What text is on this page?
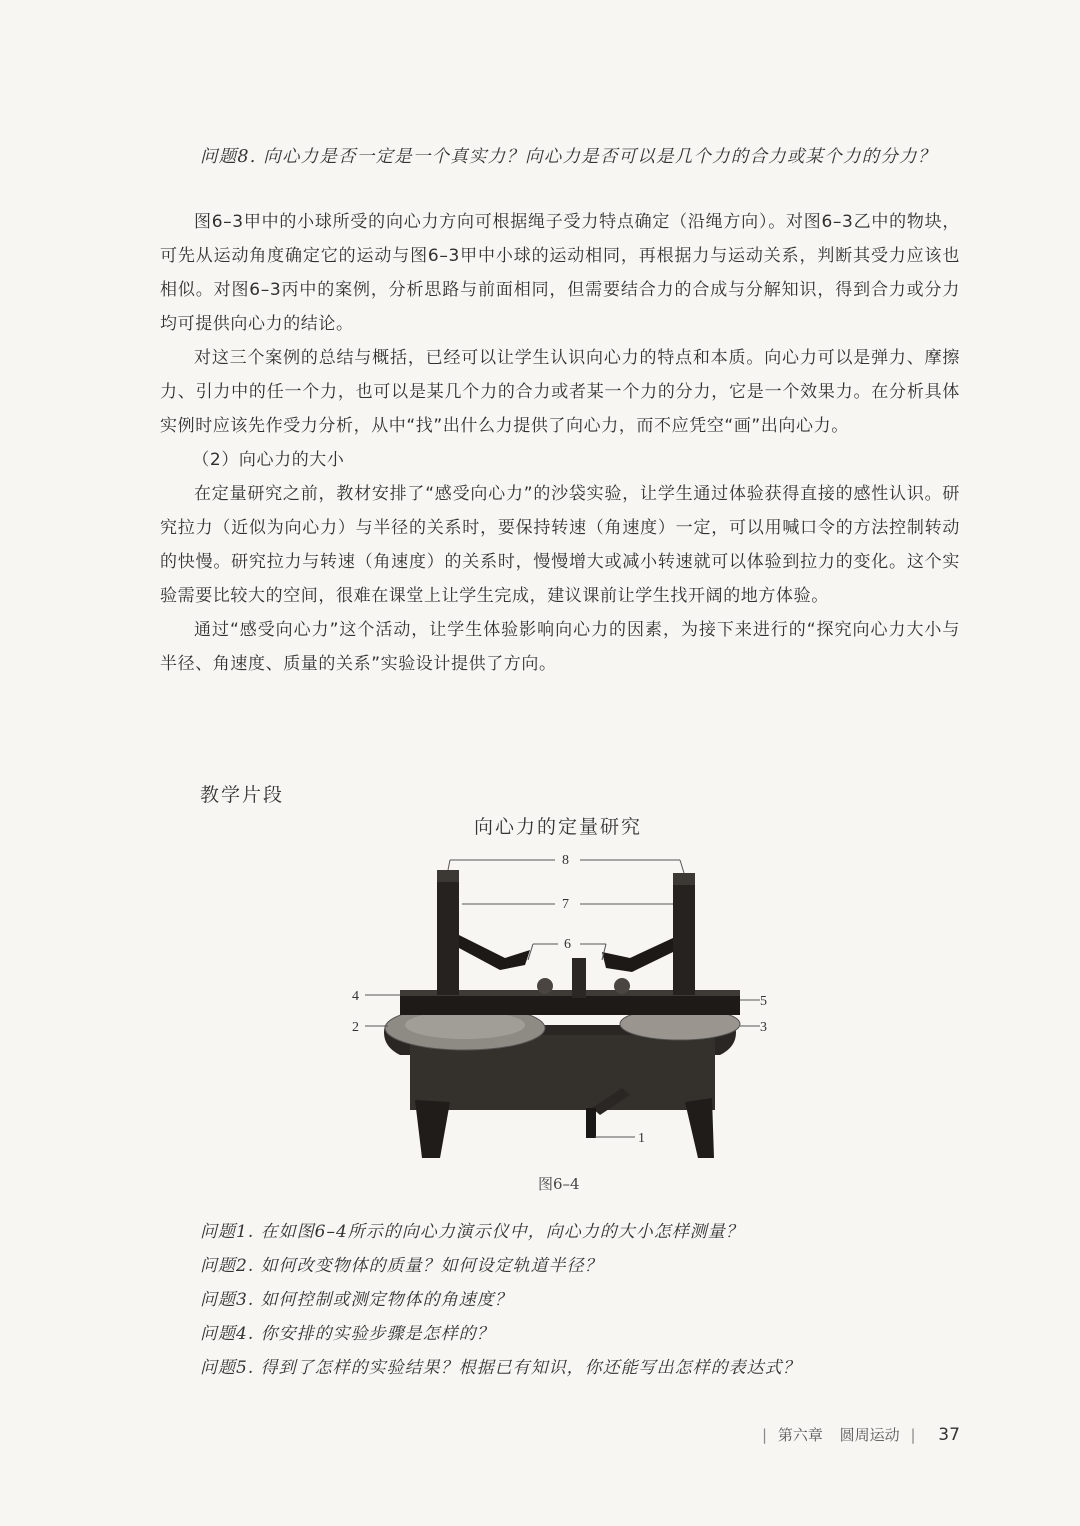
问题8. 向心力是否一定是一个真实力？向心力是否可以是几个力的合力或某个力的分力？

图6–3甲中的小球所受的向心力方向可根据绳子受力特点确定（沿绳方向）。对图6–3乙中的物块，可先从运动角度确定它的运动与图6–3甲中小球的运动相同，再根据力与运动关系，判断其受力应该也相似。对图6–3丙中的案例，分析思路与前面相同，但需要结合力的合成与分解知识，得到合力或分力均可提供向心力的结论。

对这三个案例的总结与概括，已经可以让学生认识向心力的特点和本质。向心力可以是弹力、摩擦力、引力中的任一个力，也可以是某几个力的合力或者某一个力的分力，它是一个效果力。在分析具体实例时应该先作受力分析，从中“找”出什么力提供了向心力，而不应凭空“画”出向心力。

（2）向心力的大小

在定量研究之前，教材安排了“感受向心力”的沙袋实验，让学生通过体验获得直接的感性认识。研究拉力（近似为向心力）与半径的关系时，要保持转速（角速度）一定，可以用喊口令的方法控制转动的快慢。研究拉力与转速（角速度）的关系时，慢慢增大或减小转速就可以体验到拉力的变化。这个实验需要比较大的空间，很难在课堂上让学生完成，建议课前让学生找开阔的地方体验。

通过“感受向心力”这个活动，让学生体验影响向心力的因素，为接下来进行的“探究向心力大小与半径、角速度、质量的关系”实验设计提供了方向。

教学片段
向心力的定量研究
8
7
6
4
2
5
3
1
图6–4
问题1. 在如图6–4所示的向心力演示仪中，向心力的大小怎样测量？
问题2. 如何改变物体的质量？如何设定轨道半径？
问题3. 如何控制或测定物体的角速度？
问题4. 你安排的实验步骤是怎样的？
问题5. 得到了怎样的实验结果？根据已有知识，你还能写出怎样的表达式？
| 第六章 圆周运动 | 37
